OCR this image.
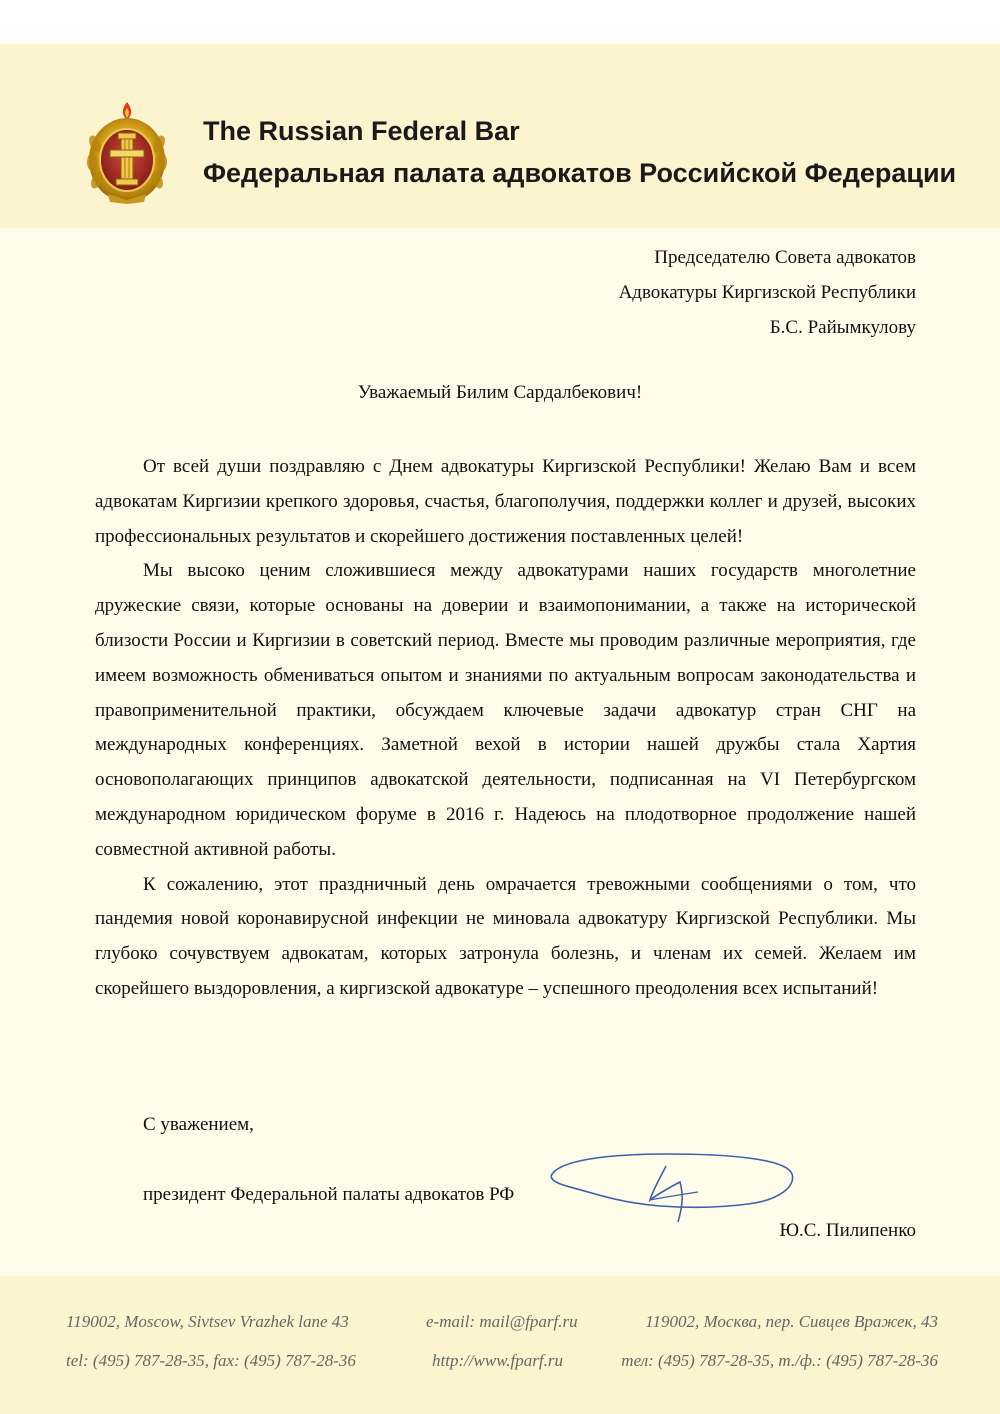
The Russian Federal Bar
Федеральная палата адвокатов Российской Федерации
Председателю Совета адвокатов
Адвокатуры Киргизской Республики
Б.С. Райымкулову
Уважаемый Билим Сардалбекович!

От всей души поздравляю с Днем адвокатуры Киргизской Республики! Желаю Вам и всем адвокатам Киргизии крепкого здоровья, счастья, благополучия, поддержки коллег и друзей, высоких профессиональных результатов и скорейшего достижения поставленных целей!

Мы высоко ценим сложившиеся между адвокатурами наших государств многолетние дружеские связи, которые основаны на доверии и взаимопонимании, а также на исторической близости России и Киргизии в советский период. Вместе мы проводим различные мероприятия, где имеем возможность обмениваться опытом и знаниями по актуальным вопросам законодательства и правоприменительной практики, обсуждаем ключевые задачи адвокатур стран СНГ на международных конференциях. Заметной вехой в истории нашей дружбы стала Хартия основополагающих принципов адвокатской деятельности, подписанная на VI Петербургском международном юридическом форуме в 2016 г. Надеюсь на плодотворное продолжение нашей совместной активной работы.

К сожалению, этот праздничный день омрачается тревожными сообщениями о том, что пандемия новой коронавирусной инфекции не миновала адвокатуру Киргизской Республики. Мы глубоко сочувствуем адвокатам, которых затронула болезнь, и членам их семей. Желаем им скорейшего выздоровления, а киргизской адвокатуре – успешного преодоления всех испытаний!

С уважением,
президент Федеральной палаты адвокатов РФ
Ю.С. Пилипенко
119002, Moscow, Sivtsev Vrazhek lane 43
tel: (495) 787-28-35, fax: (495) 787-28-36
e-mail: mail@fparf.ru
http://www.fparf.ru
119002, Москва, пер. Сивцев Вражек, 43
тел: (495) 787-28-35, т./ф.: (495) 787-28-36
